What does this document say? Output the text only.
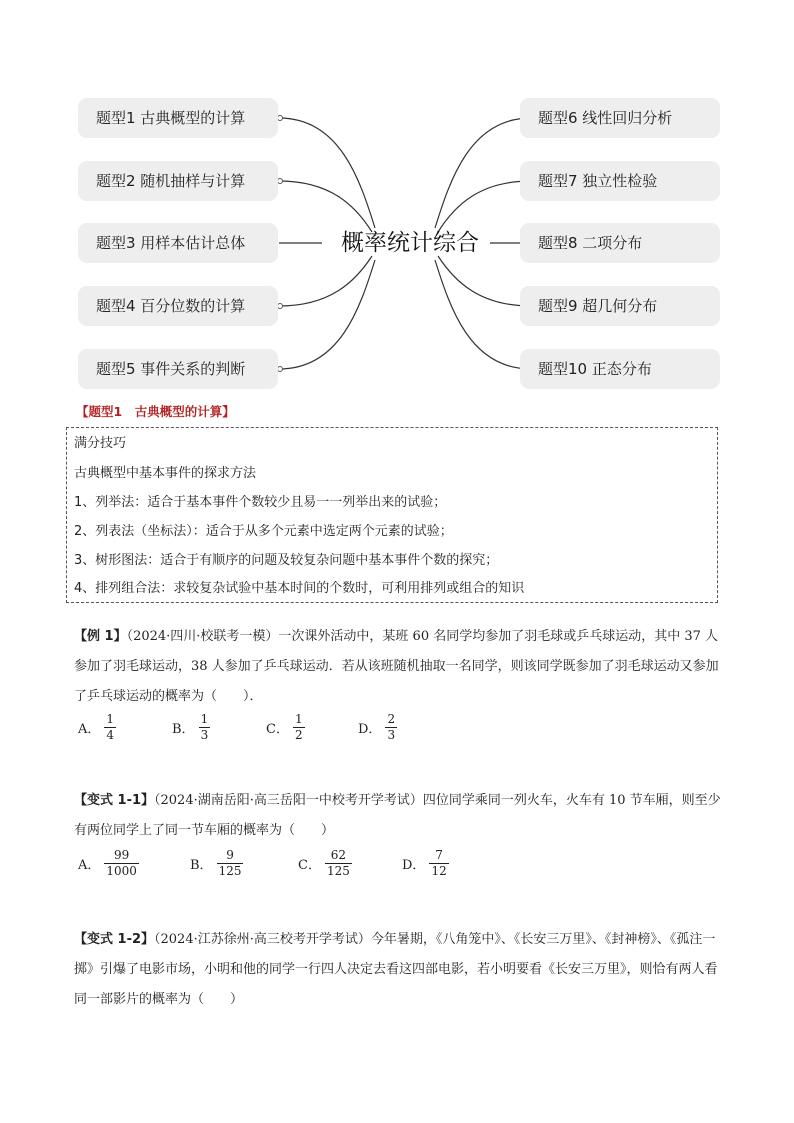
题型1 古典概型的计算
题型2 随机抽样与计算
题型3 用样本估计总体
题型4 百分位数的计算
题型5 事件关系的判断
概率统计综合
题型6 线性回归分析
题型7 独立性检验
题型8 二项分布
题型9 超几何分布
题型10 正态分布
【题型1　古典概型的计算】
满分技巧
古典概型中基本事件的探求方法
1、列举法：适合于基本事件个数较少且易一一列举出来的试验；
2、列表法（坐标法）：适合于从多个元素中选定两个元素的试验；
3、树形图法：适合于有顺序的问题及较复杂问题中基本事件个数的探究；
4、排列组合法：求较复杂试验中基本时间的个数时，可利用排列或组合的知识
【例 1】（2024·四川·校联考一模）一次课外活动中，某班 60 名同学均参加了羽毛球或乒乓球运动，其中 37 人参加了羽毛球运动，38 人参加了乒乓球运动．若从该班随机抽取一名同学，则该同学既参加了羽毛球运动又参加了乒乓球运动的概率为（　　）．
A． $\frac{1}{4}$	B． $\frac{1}{3}$	C． $\frac{1}{2}$	D． $\frac{2}{3}$
【变式 1-1】（2024·湖南岳阳·高三岳阳一中校考开学考试）四位同学乘同一列火车，火车有 10 节车厢，则至少有两位同学上了同一节车厢的概率为（　　）
A． $\frac{99}{1000}$	B． $\frac{9}{125}$	C． $\frac{62}{125}$	D． $\frac{7}{12}$
【变式 1-2】（2024·江苏徐州·高三校考开学考试）今年暑期，《八角笼中》、《长安三万里》、《封神榜》、《孤注一掷》引爆了电影市场，小明和他的同学一行四人决定去看这四部电影，若小明要看《长安三万里》，则恰有两人看同一部影片的概率为（　　）
